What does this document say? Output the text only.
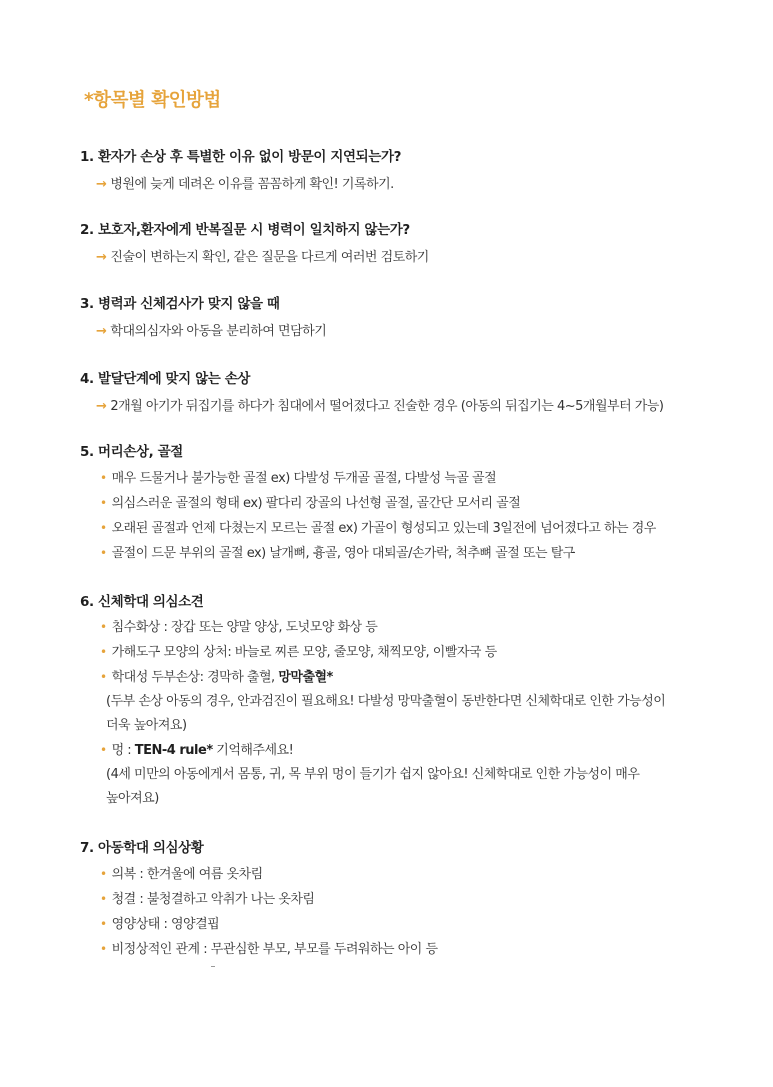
*항목별 확인방법
1. 환자가 손상 후 특별한 이유 없이 방문이 지연되는가?
→ 병원에 늦게 데려온 이유를 꼼꼼하게 확인! 기록하기.
2. 보호자,환자에게 반복질문 시 병력이 일치하지 않는가?
→ 진술이 변하는지 확인, 같은 질문을 다르게 여러번 검토하기
3. 병력과 신체검사가 맞지 않을 때
→ 학대의심자와 아동을 분리하여 면담하기
4. 발달단계에 맞지 않는 손상
→ 2개월 아기가 뒤집기를 하다가 침대에서 떨어졌다고 진술한 경우 (아동의 뒤집기는 4~5개월부터 가능)
5. 머리손상, 골절
• 매우 드물거나 불가능한 골절 ex) 다발성 두개골 골절, 다발성 늑골 골절
• 의심스러운 골절의 형태 ex) 팔다리 장골의 나선형 골절, 골간단 모서리 골절
• 오래된 골절과 언제 다쳤는지 모르는 골절 ex) 가골이 형성되고 있는데 3일전에 넘어졌다고 하는 경우
• 골절이 드문 부위의 골절 ex) 날개뼈, 흉골, 영아 대퇴골/손가락, 척추뼈 골절 또는 탈구
6. 신체학대 의심소견
• 침수화상 : 장갑 또는 양말 양상, 도넛모양 화상 등
• 가해도구 모양의 상처: 바늘로 찌른 모양, 줄모양, 채찍모양, 이빨자국 등
• 학대성 두부손상: 경막하 출혈, 망막출혈*
(두부 손상 아동의 경우, 안과검진이 필요해요! 다발성 망막출혈이 동반한다면 신체학대로 인한 가능성이
더욱 높아져요)
• 멍 : TEN-4 rule* 기억해주세요!
(4세 미만의 아동에게서 몸통, 귀, 목 부위 멍이 들기가 쉽지 않아요! 신체학대로 인한 가능성이 매우
높아져요)
7. 아동학대 의심상황
• 의복 : 한겨울에 여름 옷차림
• 청결 : 불청결하고 악취가 나는 옷차림
• 영양상태 : 영양결핍
• 비정상적인 관계 : 무관심한 부모, 부모를 두려워하는 아이 등
